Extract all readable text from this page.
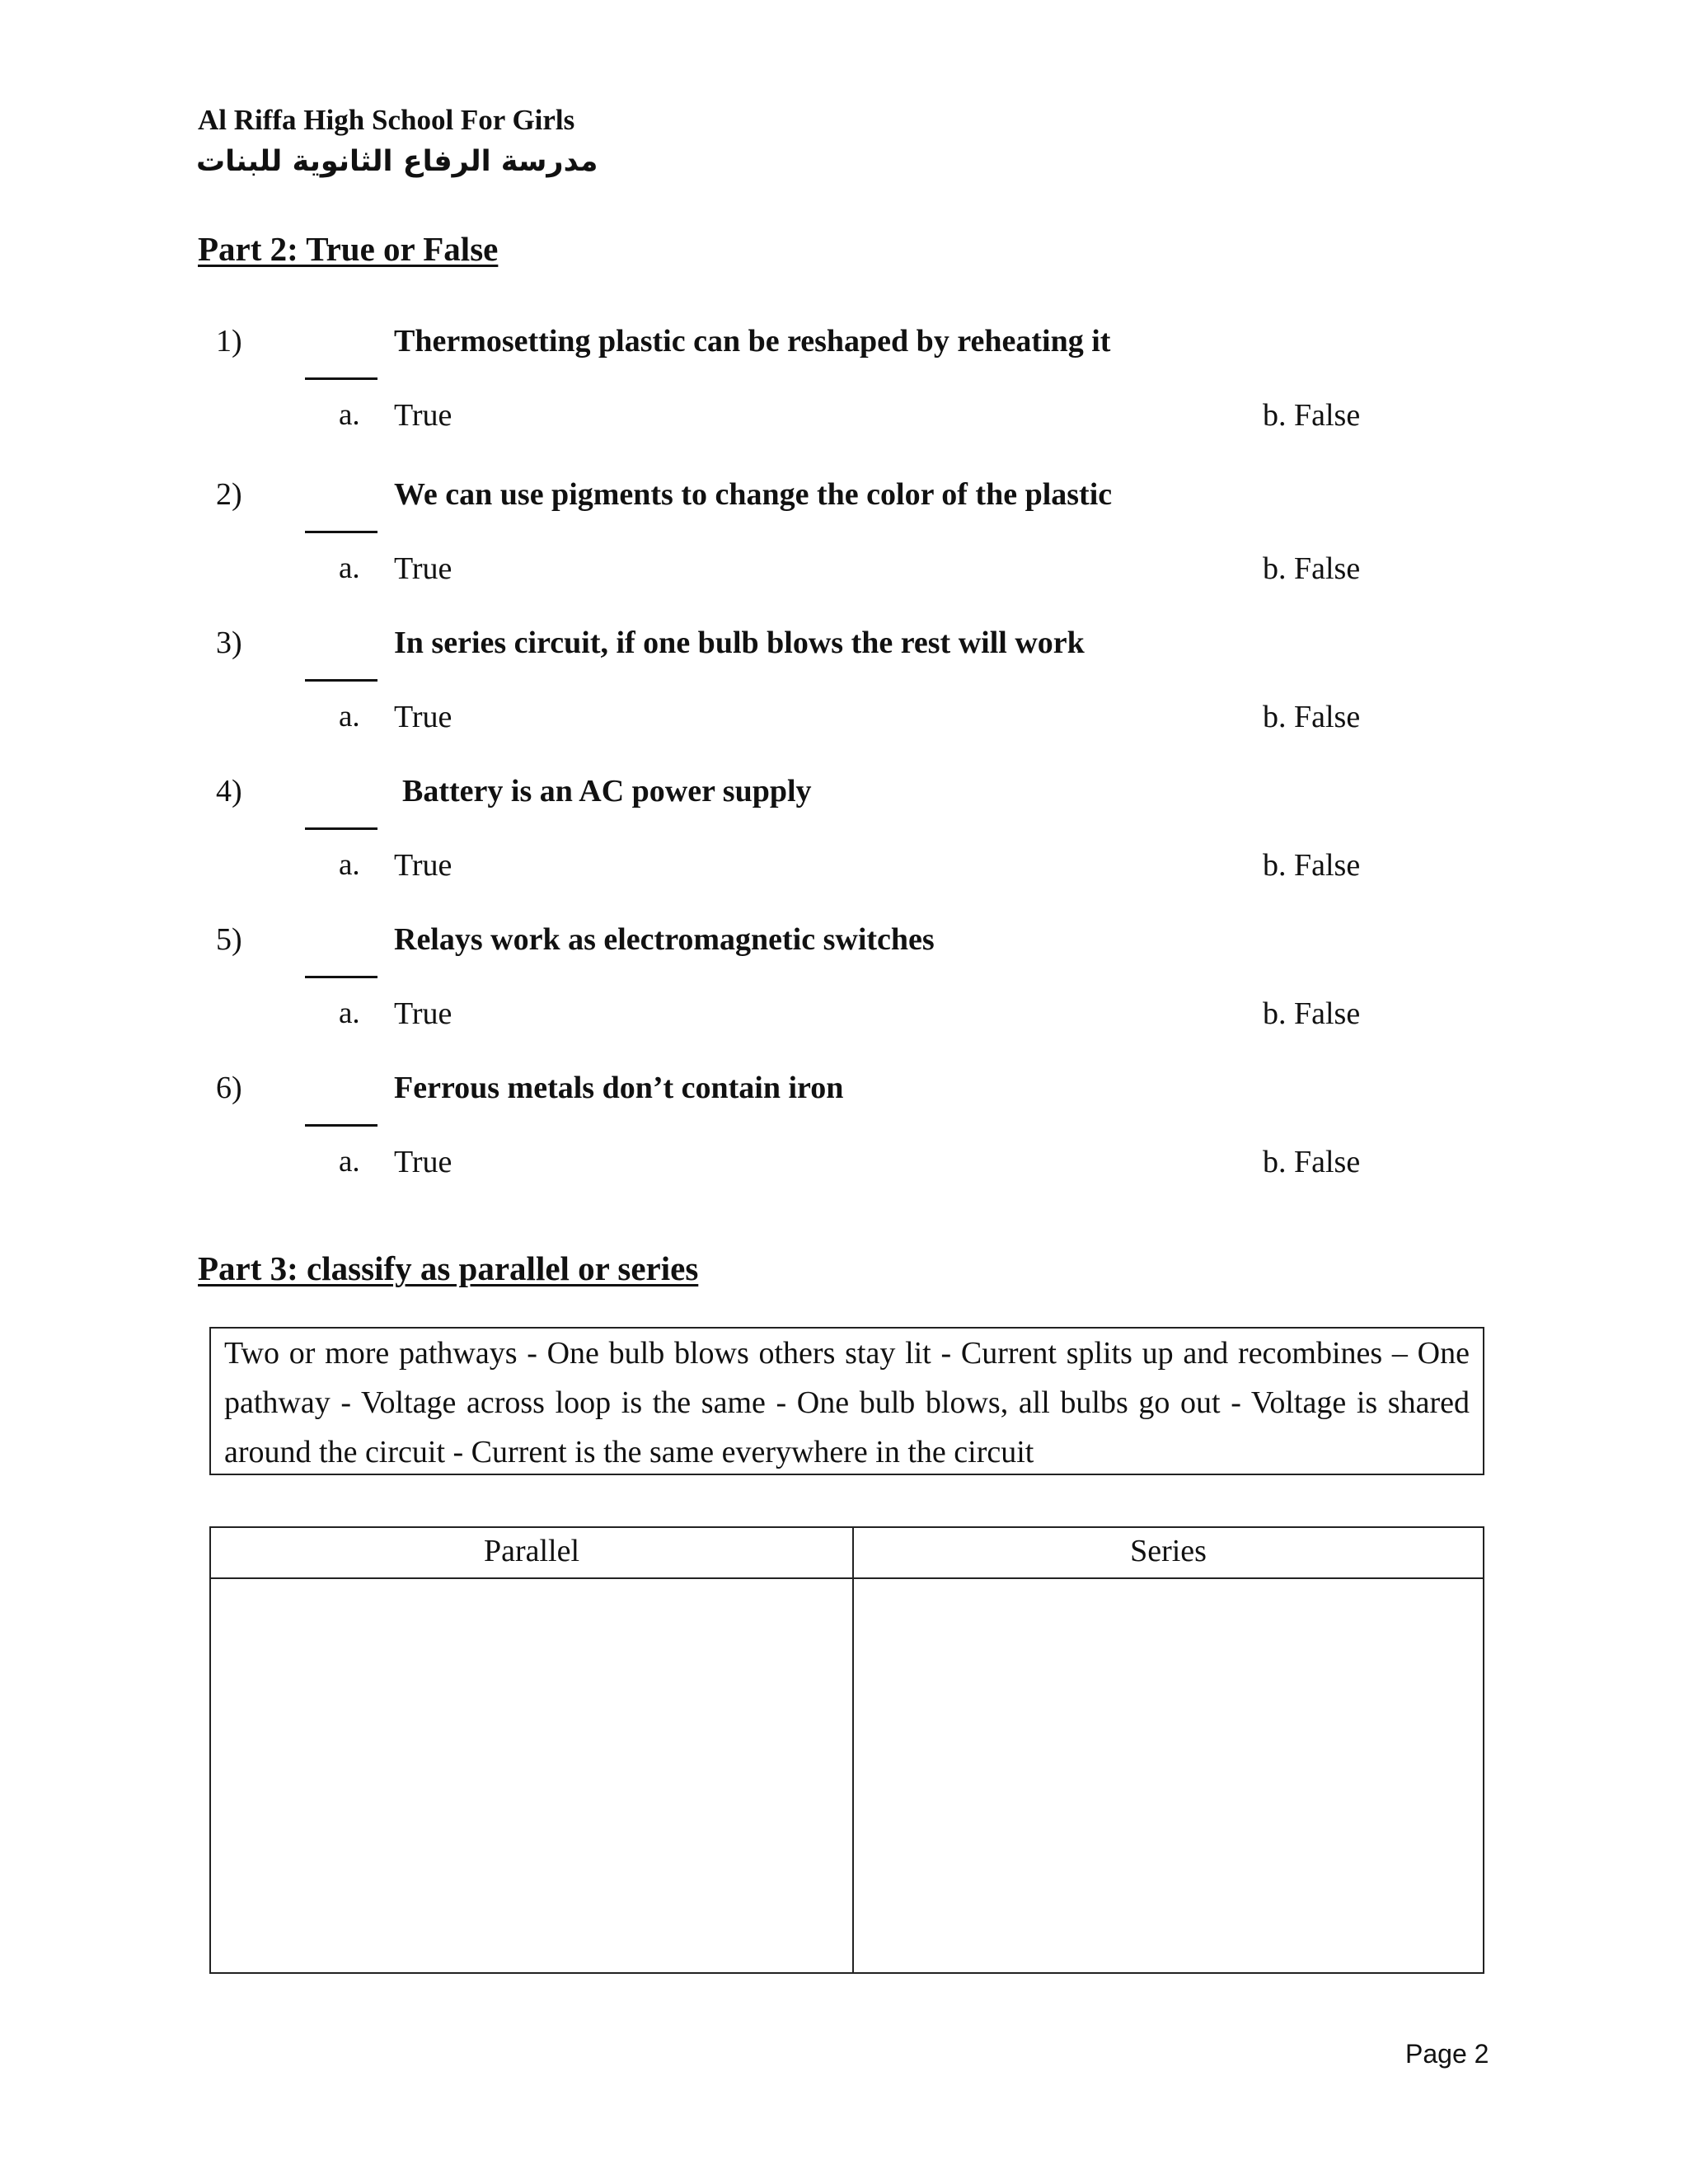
Al Riffa High School For Girls
مدرسة الرفاع الثانوية للبنات
Part 2: True or False
1)	Thermosetting plastic can be reshaped by reheating it
a. True	b. False
2)	We can use pigments to change the color of the plastic
a. True	b. False
3)	In series circuit, if one bulb blows the rest will work
a. True	b. False
4)	Battery is an AC power supply
a. True	b. False
5)	Relays work as electromagnetic switches
a. True	b. False
6)	Ferrous metals don’t contain iron
a. True	b. False
Part 3: classify as parallel or series
Two or more pathways - One bulb blows others stay lit - Current splits up and recombines – One pathway - Voltage across loop is the same - One bulb blows, all bulbs go out - Voltage is shared around the circuit - Current is the same everywhere in the circuit
Parallel	Series
Page 2
